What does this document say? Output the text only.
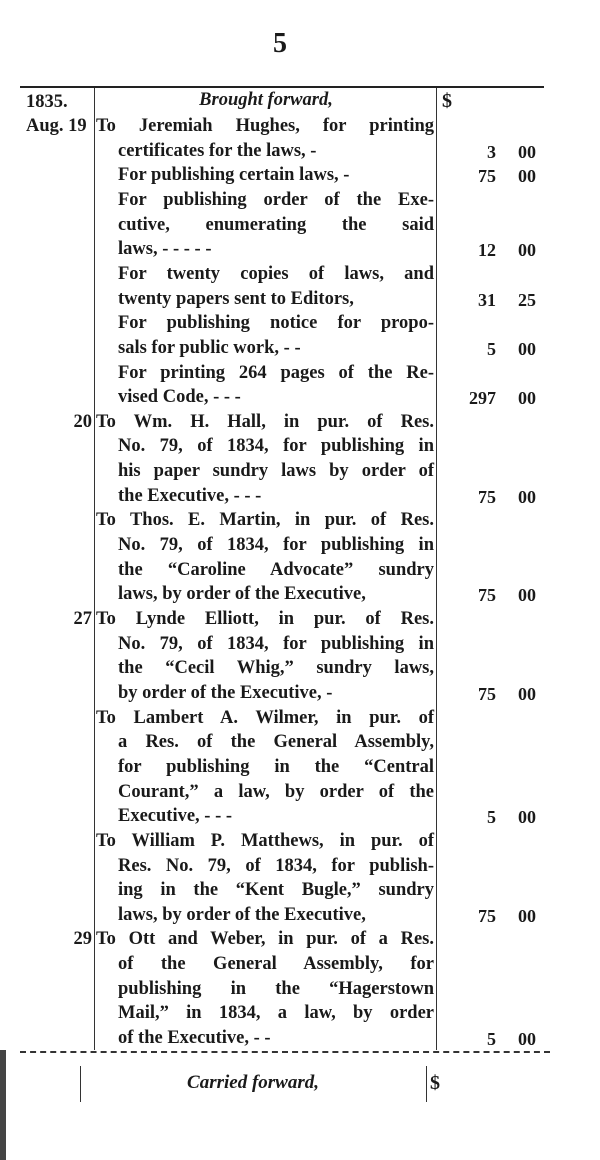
5
1835.	Brought forward,	$
Aug. 19 To Jeremiah Hughes, for printing
certificates for the laws, -	3 00
For publishing certain laws, -	75 00
For publishing order of the Exe-
cutive, enumerating the said
laws, - - - - -	12 00
For twenty copies of laws, and
twenty papers sent to Editors,	31 25
For publishing notice for propo-
sals for public work, - -	5 00
For printing 264 pages of the Re-
vised Code, - - -	297 00
20 To Wm. H. Hall, in pur. of Res.
No. 79, of 1834, for publishing in
his paper sundry laws by order of
the Executive, - - -	75 00
To Thos. E. Martin, in pur. of Res.
No. 79, of 1834, for publishing in
the “Caroline Advocate” sundry
laws, by order of the Executive,	75 00
27 To Lynde Elliott, in pur. of Res.
No. 79, of 1834, for publishing in
the “Cecil Whig,” sundry laws,
by order of the Executive, -	75 00
To Lambert A. Wilmer, in pur. of
a Res. of the General Assembly,
for publishing in the “Central
Courant,” a law, by order of the
Executive, - - -	5 00
To William P. Matthews, in pur. of
Res. No. 79, of 1834, for publish-
ing in the “Kent Bugle,” sundry
laws, by order of the Executive,	75 00
29 To Ott and Weber, in pur. of a Res.
of the General Assembly, for
publishing in the “Hagerstown
Mail,” in 1834, a law, by order
of the Executive, - -	5 00
Carried forward,	$
